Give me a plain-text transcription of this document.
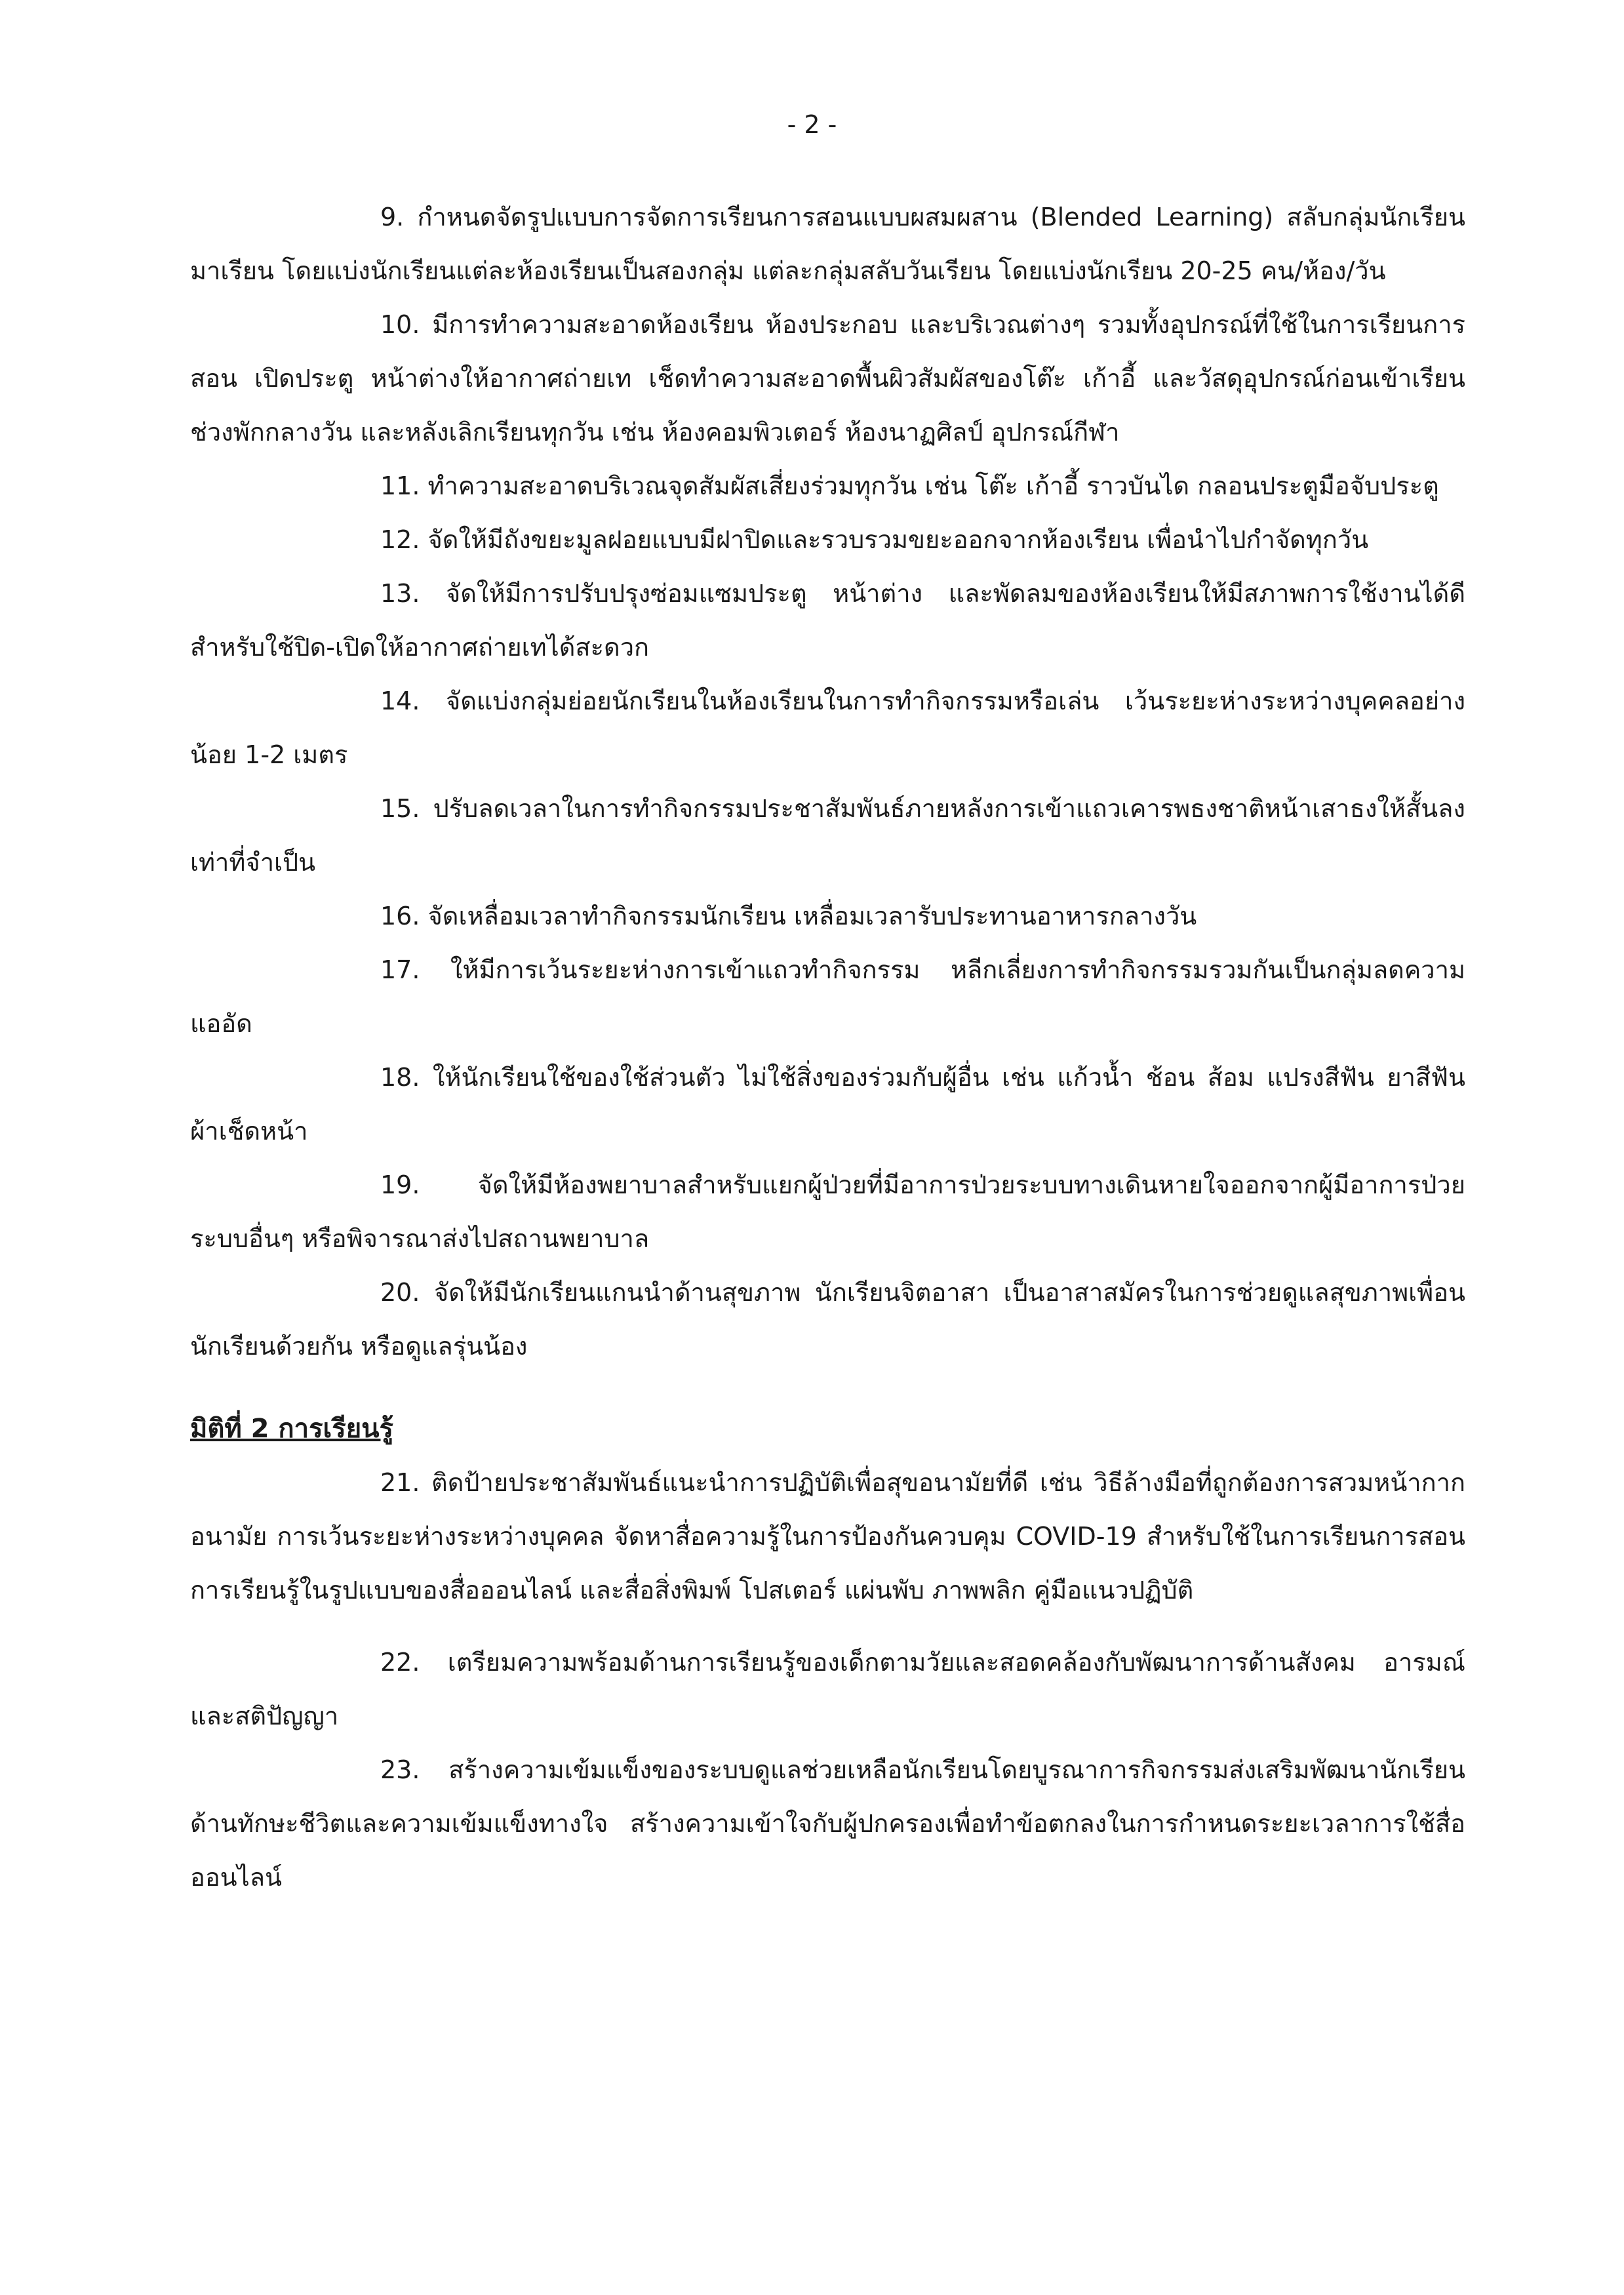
- 2 -

9. กำหนดจัดรูปแบบการจัดการเรียนการสอนแบบผสมผสาน (Blended Learning) สลับกลุ่มนักเรียนมาเรียน โดยแบ่งนักเรียนแต่ละห้องเรียนเป็นสองกลุ่ม แต่ละกลุ่มสลับวันเรียน โดยแบ่งนักเรียน 20-25 คน/ห้อง/วัน

10. มีการทำความสะอาดห้องเรียน ห้องประกอบ และบริเวณต่างๆ รวมทั้งอุปกรณ์ที่ใช้ในการเรียนการสอน เปิดประตู หน้าต่างให้อากาศถ่ายเท เช็ดทำความสะอาดพื้นผิวสัมผัสของโต๊ะ เก้าอี้ และวัสดุอุปกรณ์ก่อนเข้าเรียน ช่วงพักกลางวัน และหลังเลิกเรียนทุกวัน เช่น ห้องคอมพิวเตอร์ ห้องนาฏศิลป์ อุปกรณ์กีฬา

11. ทำความสะอาดบริเวณจุดสัมผัสเสี่ยงร่วมทุกวัน เช่น โต๊ะ เก้าอี้ ราวบันได กลอนประตูมือจับประตู

12. จัดให้มีถังขยะมูลฝอยแบบมีฝาปิดและรวบรวมขยะออกจากห้องเรียน เพื่อนำไปกำจัดทุกวัน

13. จัดให้มีการปรับปรุงซ่อมแซมประตู หน้าต่าง และพัดลมของห้องเรียนให้มีสภาพการใช้งานได้ดี สำหรับใช้ปิด-เปิดให้อากาศถ่ายเทได้สะดวก

14. จัดแบ่งกลุ่มย่อยนักเรียนในห้องเรียนในการทำกิจกรรมหรือเล่น เว้นระยะห่างระหว่างบุคคลอย่างน้อย 1-2 เมตร

15. ปรับลดเวลาในการทำกิจกรรมประชาสัมพันธ์ภายหลังการเข้าแถวเคารพธงชาติหน้าเสาธงให้สั้นลงเท่าที่จำเป็น

16. จัดเหลื่อมเวลาทำกิจกรรมนักเรียน เหลื่อมเวลารับประทานอาหารกลางวัน

17. ให้มีการเว้นระยะห่างการเข้าแถวทำกิจกรรม หลีกเลี่ยงการทำกิจกรรมรวมกันเป็นกลุ่มลดความแออัด

18. ให้นักเรียนใช้ของใช้ส่วนตัว ไม่ใช้สิ่งของร่วมกับผู้อื่น เช่น แก้วน้ำ ช้อน ส้อม แปรงสีฟัน ยาสีฟัน ผ้าเช็ดหน้า

19. จัดให้มีห้องพยาบาลสำหรับแยกผู้ป่วยที่มีอาการป่วยระบบทางเดินหายใจออกจากผู้มีอาการป่วยระบบอื่นๆ หรือพิจารณาส่งไปสถานพยาบาล

20. จัดให้มีนักเรียนแกนนำด้านสุขภาพ นักเรียนจิตอาสา เป็นอาสาสมัครในการช่วยดูแลสุขภาพเพื่อนนักเรียนด้วยกัน หรือดูแลรุ่นน้อง

มิติที่ 2 การเรียนรู้

21. ติดป้ายประชาสัมพันธ์แนะนำการปฏิบัติเพื่อสุขอนามัยที่ดี เช่น วิธีล้างมือที่ถูกต้องการสวมหน้ากากอนามัย การเว้นระยะห่างระหว่างบุคคล จัดหาสื่อความรู้ในการป้องกันควบคุม COVID-19 สำหรับใช้ในการเรียนการสอน การเรียนรู้ในรูปแบบของสื่อออนไลน์ และสื่อสิ่งพิมพ์ โปสเตอร์ แผ่นพับ ภาพพลิก คู่มือแนวปฏิบัติ

22. เตรียมความพร้อมด้านการเรียนรู้ของเด็กตามวัยและสอดคล้องกับพัฒนาการด้านสังคม อารมณ์ และสติปัญญา

23. สร้างความเข้มแข็งของระบบดูแลช่วยเหลือนักเรียนโดยบูรณาการกิจกรรมส่งเสริมพัฒนานักเรียนด้านทักษะชีวิตและความเข้มแข็งทางใจ สร้างความเข้าใจกับผู้ปกครองเพื่อทำข้อตกลงในการกำหนดระยะเวลาการใช้สื่อออนไลน์
